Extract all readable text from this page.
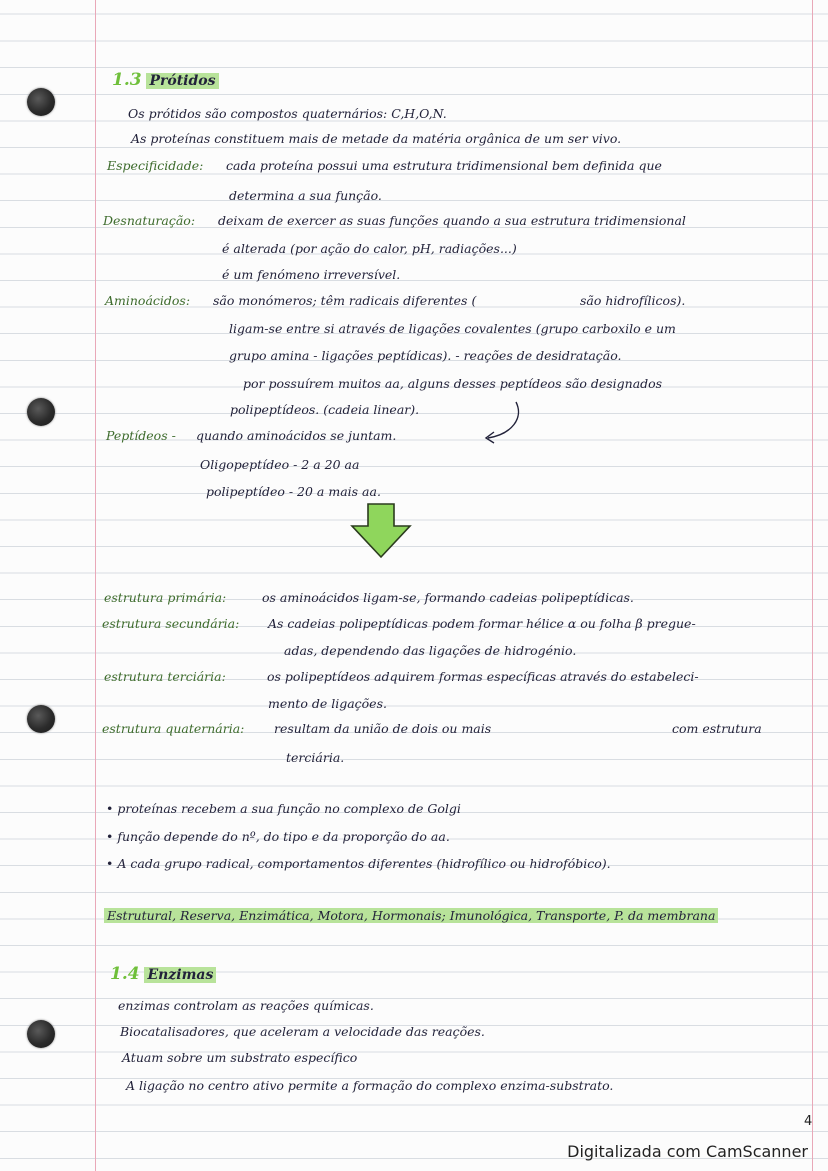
1.3 Prótidos
Os prótidos são compostos quaternários: C,H,O,N.
As proteínas constituem mais de metade da matéria orgânica de um ser vivo.
Especificidade: cada proteína possui uma estrutura tridimensional bem definida que
determina a sua função.
Desnaturação: deixam de exercer as suas funções quando a sua estrutura tridimensional
é alterada (por ação do calor, pH, radiações...)
é um fenómeno irreversível.
Aminoácidos: são monómeros; têm radicais diferentes (	são hidrofílicos).
ligam-se entre si através de ligações covalentes (grupo carboxilo e um
grupo amina - ligações peptídicas). - reações de desidratação.
por possuírem muitos aa, alguns desses peptídeos são designados
polipeptídeos. (cadeia linear).
Peptídeos - quando aminoácidos se juntam.
Oligopeptídeo - 2 a 20 aa
polipeptídeo - 20 a mais aa.
estrutura primária:	os aminoácidos ligam-se, formando cadeias polipeptídicas.
estrutura secundária: As cadeias polipeptídicas podem formar hélice α ou folha β pregue-
adas, dependendo das ligações de hidrogénio.
estrutura terciária:	os polipeptídeos adquirem formas específicas através do estabeleci-
mento de ligações.
estrutura quaternária: resultam da união de dois ou mais	com estrutura
terciária.
• proteínas recebem a sua função no complexo de Golgi
• função depende do nº, do tipo e da proporção do aa.
• A cada grupo radical, comportamentos diferentes (hidrofílico ou hidrofóbico).
Estrutural, Reserva, Enzimática, Motora, Hormonais; Imunológica, Transporte, P. da membrana
1.4 Enzimas
enzimas controlam as reações químicas.
Biocatalisadores, que aceleram a velocidade das reações.
Atuam sobre um substrato específico
A ligação no centro ativo permite a formação do complexo enzima-substrato.
4
Digitalizada com CamScanner
